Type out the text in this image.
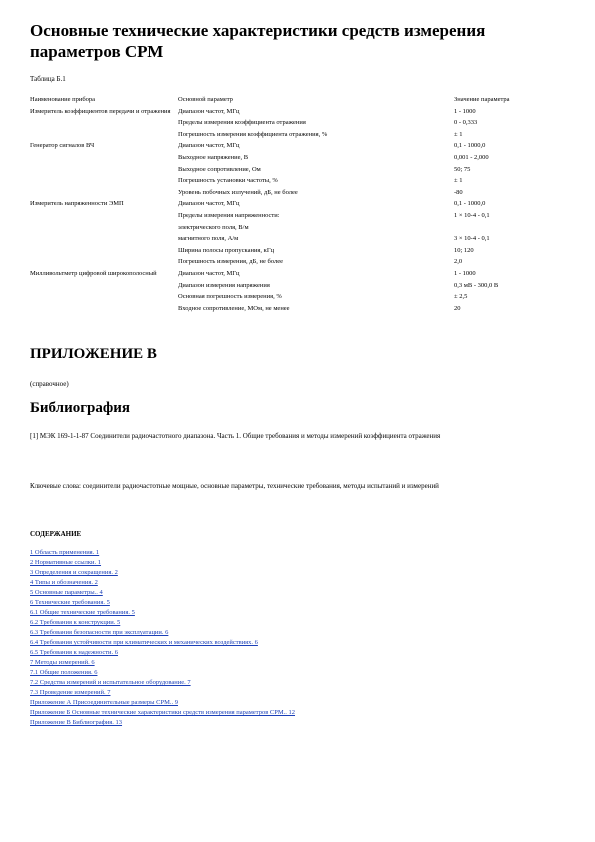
Основные технические характеристики средств измерения параметров СРМ
Таблица Б.1
Наименование прибора	Основной параметр	Значение параметра
Измеритель коэффициентов передачи и отражения	Диапазон частот, МГц	1 - 1000
	Пределы измерения коэффициента отражения	0 - 0,333
	Погрешность измерения коэффициента отражения, %	± 1
Генератор сигналов ВЧ	Диапазон частот, МГц	0,1 - 1000,0
	Выходное напряжение, В	0,001 - 2,000
	Выходное сопротивление, Ом	50; 75
	Погрешность установки частоты, %	± 1
	Уровень побочных излучений, дБ, не более	-80
Измеритель напряженности ЭМП	Диапазон частот, МГц	0,1 - 1000,0
	Пределы измерения напряженности:	1 × 10-4 - 0,1
	электрического поля, В/м	
	магнитного поля, А/м	3 × 10-4 - 0,1
	Ширина полосы пропускания, кГц	10; 120
	Погрешность измерения, дБ, не более	2,0
Милливольтметр цифровой широкополосный	Диапазон частот, МГц	1 - 1000
	Диапазон измерения напряжения	0,3 мВ - 300,0 В
	Основная погрешность измерения, %	± 2,5
	Входное сопротивление, МОм, не менее	20
ПРИЛОЖЕНИЕ В
(справочное)
Библиография
[1] МЭК 169-1-1-87 Соединители радиочастотного диапазона. Часть 1. Общие требования и методы измерений коэффициента отражения
Ключевые слова: соединители радиочастотные мощные, основные параметры, технические требования, методы испытаний и измерений
СОДЕРЖАНИЕ
1 Область применения. 1
2 Нормативные ссылки. 1
3 Определения и сокращения. 2
4 Типы и обозначения. 2
5 Основные параметры.. 4
6 Технические требования. 5
6.1 Общие технические требования. 5
6.2 Требования к конструкции. 5
6.3 Требования безопасности при эксплуатации. 6
6.4 Требования устойчивости при климатических и механических воздействиях. 6
6.5 Требования к надежности. 6
7 Методы измерений. 6
7.1 Общие положения. 6
7.2 Средства измерений и испытательное оборудование. 7
7.3 Проведение измерений. 7
Приложение А Присоединительные размеры СРМ.. 9
Приложение Б Основные технические характеристики средств измерения параметров СРМ.. 12
Приложение В Библиография. 13
